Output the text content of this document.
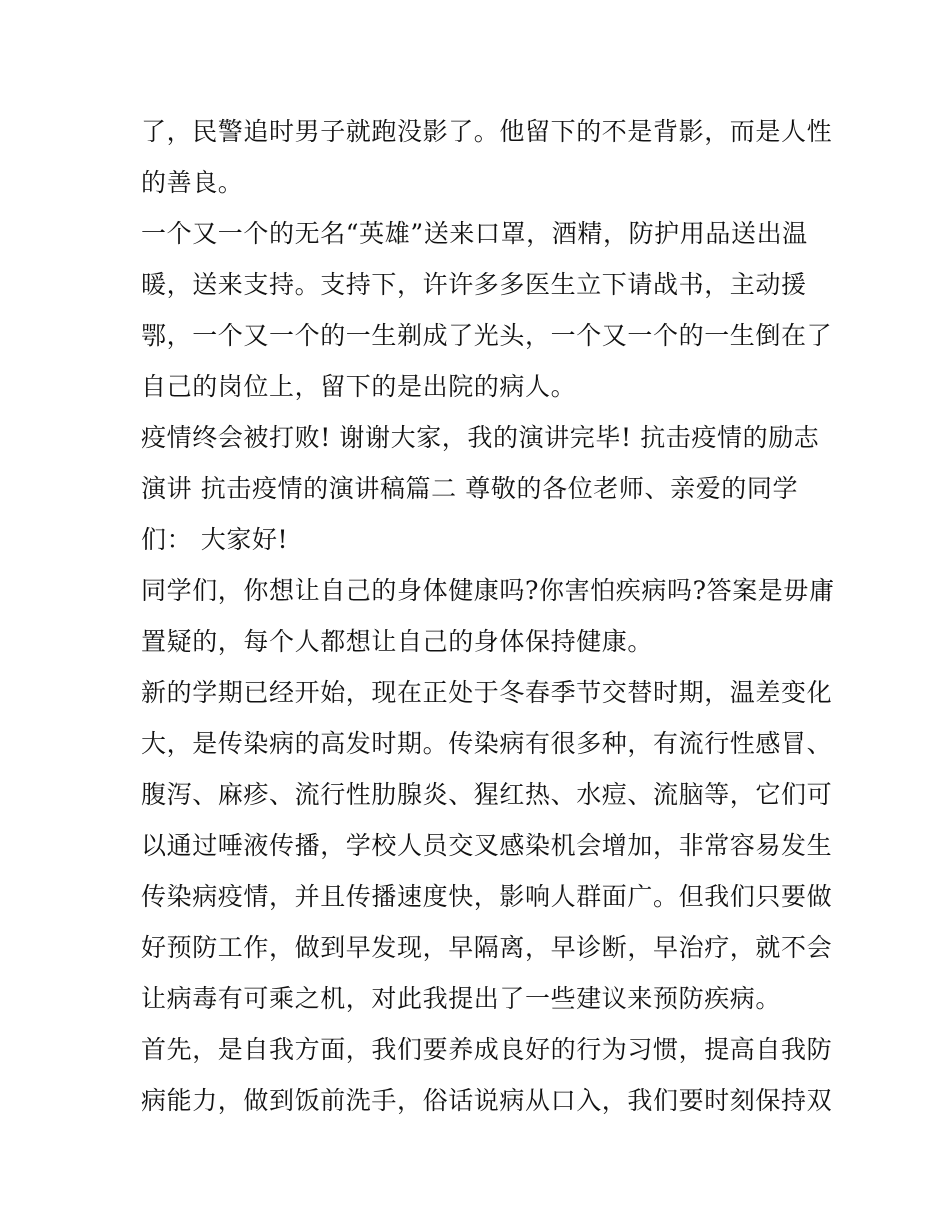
了，民警追时男子就跑没影了。他留下的不是背影，而是人性
的善良。
一个又一个的无名“英雄”送来口罩，酒精，防护用品送出温
暖，送来支持。支持下，许许多多医生立下请战书，主动援
鄂，一个又一个的一生剃成了光头，一个又一个的一生倒在了
自己的岗位上，留下的是出院的病人。
疫情终会被打败! 谢谢大家，我的演讲完毕! 抗击疫情的励志
演讲 抗击疫情的演讲稿篇二 尊敬的各位老师、亲爱的同学
们： 大家好!
同学们，你想让自己的身体健康吗?你害怕疾病吗?答案是毋庸
置疑的，每个人都想让自己的身体保持健康。
新的学期已经开始，现在正处于冬春季节交替时期，温差变化
大，是传染病的高发时期。传染病有很多种，有流行性感冒、
腹泻、麻疹、流行性肋腺炎、猩红热、水痘、流脑等，它们可
以通过唾液传播，学校人员交叉感染机会增加，非常容易发生
传染病疫情，并且传播速度快，影响人群面广。但我们只要做
好预防工作，做到早发现，早隔离，早诊断，早治疗，就不会
让病毒有可乘之机，对此我提出了一些建议来预防疾病。
首先，是自我方面，我们要养成良好的行为习惯，提高自我防
病能力，做到饭前洗手，俗话说病从口入，我们要时刻保持双
